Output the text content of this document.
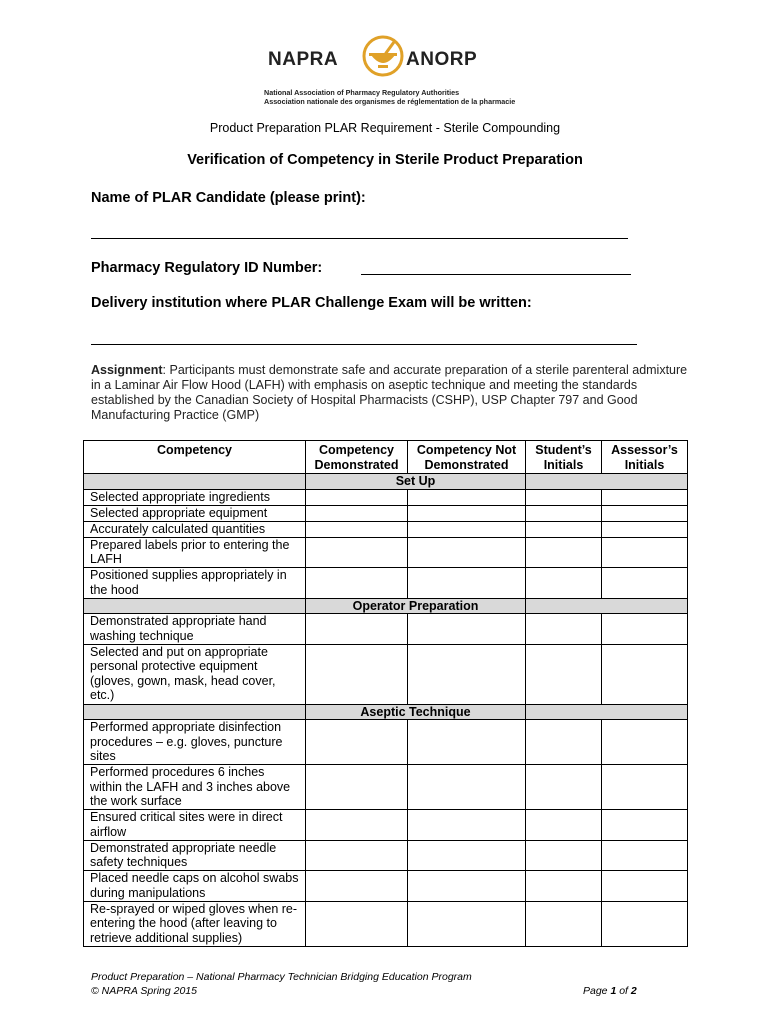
NAPRA	ANORP
National Association of Pharmacy Regulatory Authorities
Association nationale des organismes de réglementation de la pharmacie
Product Preparation PLAR Requirement - Sterile Compounding
Verification of Competency in Sterile Product Preparation
Name of PLAR Candidate (please print):
Pharmacy Regulatory ID Number:
Delivery institution where PLAR Challenge Exam will be written:
Assignment: Participants must demonstrate safe and accurate preparation of a sterile parenteral admixture in a Laminar Air Flow Hood (LAFH) with emphasis on aseptic technique and meeting the standards established by the Canadian Society of Hospital Pharmacists (CSHP), USP Chapter 797 and Good Manufacturing Practice (GMP)
Competency	Competency Demonstrated	Competency Not Demonstrated	Student’s Initials	Assessor’s Initials
	Set Up			
Selected appropriate ingredients				
Selected appropriate equipment				
Accurately calculated quantities				
Prepared labels prior to entering the LAFH				
Positioned supplies appropriately in the hood				
	Operator Preparation			
Demonstrated appropriate hand washing technique				
Selected and put on appropriate personal protective equipment (gloves, gown, mask, head cover, etc.)				
	Aseptic Technique			
Performed appropriate disinfection procedures – e.g. gloves, puncture sites				
Performed procedures 6 inches within the LAFH and 3 inches above the work surface				
Ensured critical sites were in direct airflow				
Demonstrated appropriate needle safety techniques				
Placed needle caps on alcohol swabs during manipulations				
Re-sprayed or wiped gloves when re-entering the hood (after leaving to retrieve additional supplies)				
Product Preparation – National Pharmacy Technician Bridging Education Program
© NAPRA Spring 2015	Page 1 of 2
